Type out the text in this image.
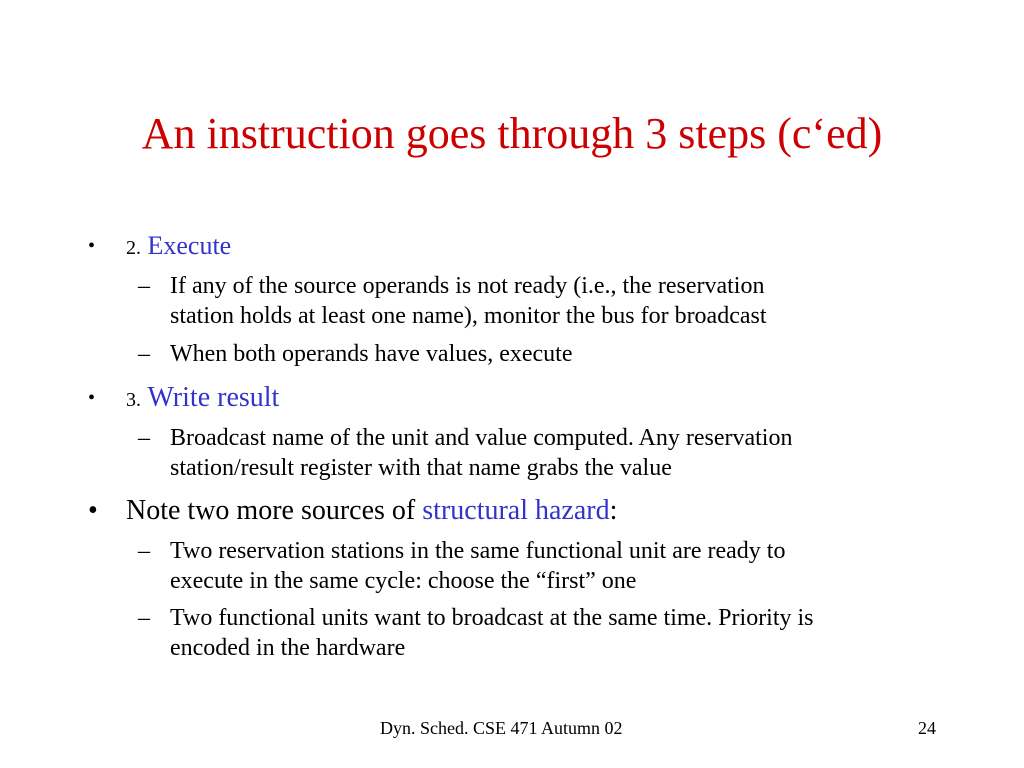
An instruction goes through 3 steps (c‘ed)
• 2. Execute
– If any of the source operands is not ready (i.e., the reservation
station holds at least one name), monitor the bus for broadcast
– When both operands have values, execute
• 3. Write result
– Broadcast name of the unit and value computed. Any reservation
station/result register with that name grabs the value
• Note two more sources of structural hazard:
– Two reservation stations in the same functional unit are ready to
execute in the same cycle: choose the “first” one
– Two functional units want to broadcast at the same time. Priority is
encoded in the hardware
Dyn. Sched. CSE 471 Autumn 02	24
